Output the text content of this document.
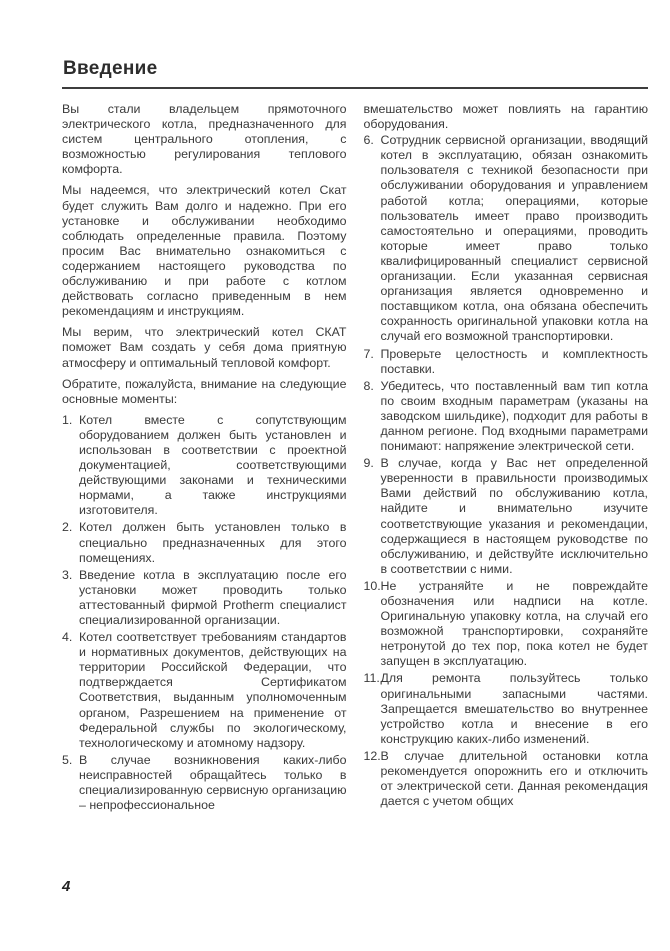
Введение

Вы стали владельцем прямоточного электрического котла, предназначенного для систем центрального отопления, с возможностью регулирования теплового комфорта.

Мы надеемся, что электрический котел Скат будет служить Вам долго и надежно. При его установке и обслуживании необходимо соблюдать определенные правила. Поэтому просим Вас внимательно ознакомиться с содержанием настоящего руководства по обслуживанию и при работе с котлом действовать согласно приведенным в нем рекомендациям и инструкциям.

Мы верим, что электрический котел СКАТ поможет Вам создать у себя дома приятную атмосферу и оптимальный тепловой комфорт.

Обратите, пожалуйста, внимание на следующие основные моменты:

1. Котел вместе с сопутствующим оборудованием должен быть установлен и использован в соответствии с проектной документацией, соответствующими действующими законами и техническими нормами, а также инструкциями изготовителя.
2. Котел должен быть установлен только в специально предназначенных для этого помещениях.
3. Введение котла в эксплуатацию после его установки может проводить только аттестованный фирмой Protherm специалист специализированной организации.
4. Котел соответствует требованиям стандартов и нормативных документов, действующих на территории Российской Федерации, что подтверждается Сертификатом Соответствия, выданным уполномоченным органом, Разрешением на применение от Федеральной службы по экологическому, технологическому и атомному надзору.
5. В случае возникновения каких-либо неисправностей обращайтесь только в специализированную сервисную организацию – непрофессиональное

вмешательство может повлиять на гарантию оборудования.

6. Сотрудник сервисной организации, вводящий котел в эксплуатацию, обязан ознакомить пользователя с техникой безопасности при обслуживании оборудования и управлением работой котла; операциями, которые пользователь имеет право производить самостоятельно и операциями, проводить которые имеет право только квалифицированный специалист сервисной организации. Если указанная сервисная организация является одновременно и поставщиком котла, она обязана обеспечить сохранность оригинальной упаковки котла на случай его возможной транспортировки.
7. Проверьте целостность и комплектность поставки.
8. Убедитесь, что поставленный вам тип котла по своим входным параметрам (указаны на заводском шильдике), подходит для работы в данном регионе. Под входными параметрами понимают: напряжение электрической сети.
9. В случае, когда у Вас нет определенной уверенности в правильности производимых Вами действий по обслуживанию котла, найдите и внимательно изучите соответствующие указания и рекомендации, содержащиеся в настоящем руководстве по обслуживанию, и действуйте исключительно в соответствии с ними.
10. Не устраняйте и не повреждайте обозначения или надписи на котле. Оригинальную упаковку котла, на случай его возможной транспортировки, сохраняйте нетронутой до тех пор, пока котел не будет запущен в эксплуатацию.
11. Для ремонта пользуйтесь только оригинальными запасными частями. Запрещается вмешательство во внутреннее устройство котла и внесение в его конструкцию каких-либо изменений.
12. В случае длительной остановки котла рекомендуется опорожнить его и отключить от электрической сети. Данная рекомендация дается с учетом общих
4
